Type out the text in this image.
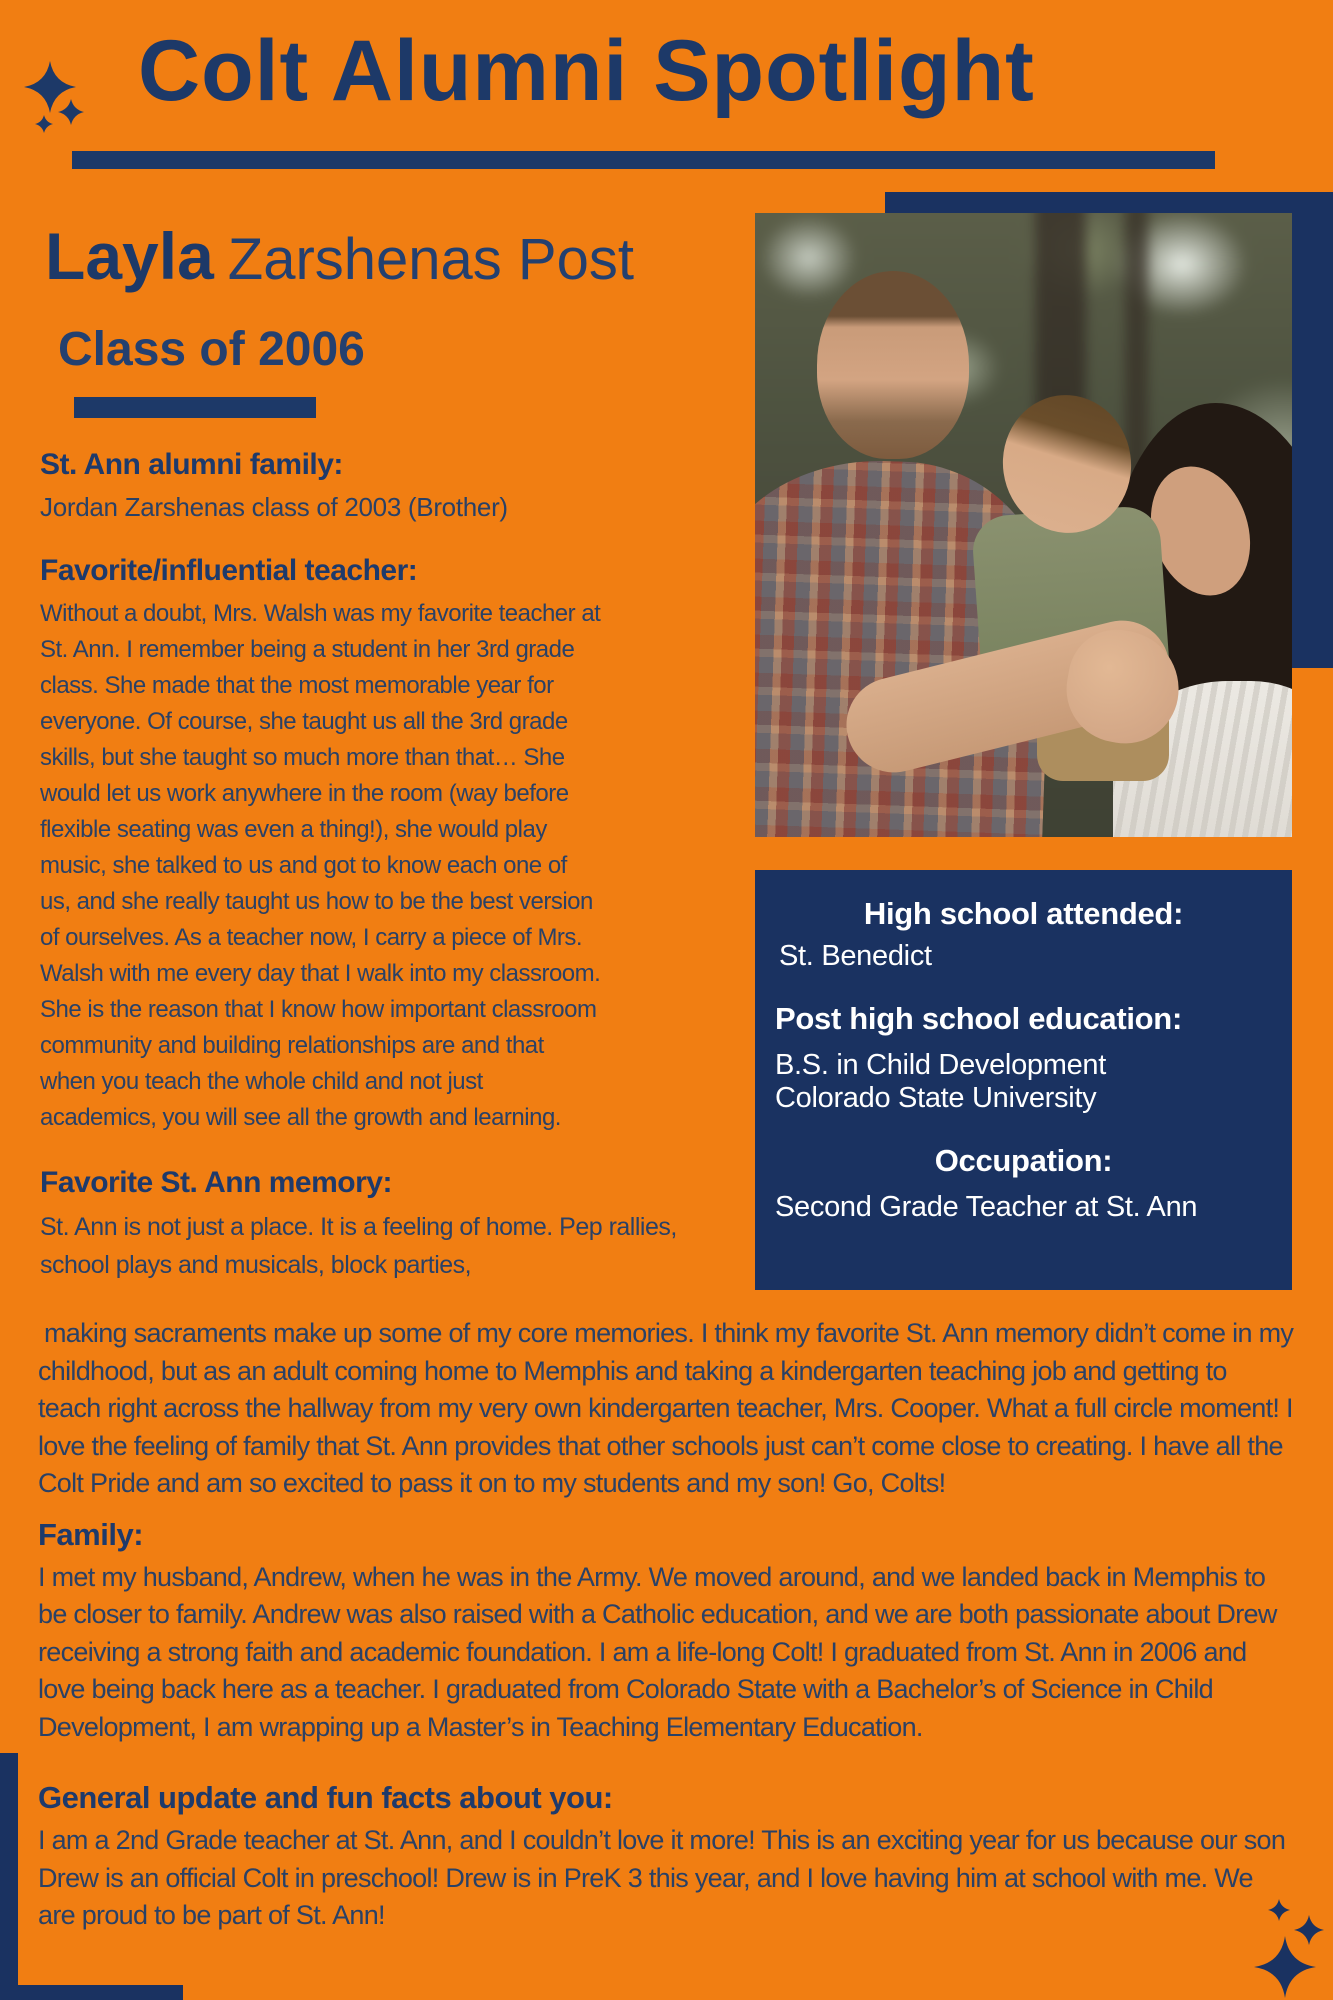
Colt Alumni Spotlight
Layla Zarshenas Post
Class of 2006
St. Ann alumni family:

Jordan Zarshenas class of 2003 (Brother)

Favorite/influential teacher:

Without a doubt, Mrs. Walsh was my favorite teacher at St. Ann. I remember being a student in her 3rd grade class. She made that the most memorable year for everyone. Of course, she taught us all the 3rd grade skills, but she taught so much more than that… She would let us work anywhere in the room (way before flexible seating was even a thing!), she would play music, she talked to us and got to know each one of us, and she really taught us how to be the best version of ourselves. As a teacher now, I carry a piece of Mrs. Walsh with me every day that I walk into my classroom. She is the reason that I know how important classroom community and building relationships are and that when you teach the whole child and not just academics, you will see all the growth and learning.

Favorite St. Ann memory:

St. Ann is not just a place. It is a feeling of home. Pep rallies, school plays and musicals, block parties,

High school attended:

St. Benedict

Post high school education:

B.S. in Child Development

Colorado State University

Occupation:

Second Grade Teacher at St. Ann

making sacraments make up some of my core memories. I think my favorite St. Ann memory didn’t come in my childhood, but as an adult coming home to Memphis and taking a kindergarten teaching job and getting to teach right across the hallway from my very own kindergarten teacher, Mrs. Cooper. What a full circle moment! I love the feeling of family that St. Ann provides that other schools just can’t come close to creating. I have all the Colt Pride and am so excited to pass it on to my students and my son! Go, Colts!

Family:

I met my husband, Andrew, when he was in the Army. We moved around, and we landed back in Memphis to be closer to family. Andrew was also raised with a Catholic education, and we are both passionate about Drew receiving a strong faith and academic foundation. I am a life-long Colt! I graduated from St. Ann in 2006 and love being back here as a teacher. I graduated from Colorado State with a Bachelor’s of Science in Child Development, I am wrapping up a Master’s in Teaching Elementary Education.

General update and fun facts about you:

I am a 2nd Grade teacher at St. Ann, and I couldn’t love it more! This is an exciting year for us because our son Drew is an official Colt in preschool! Drew is in PreK 3 this year, and I love having him at school with me. We are proud to be part of St. Ann!
